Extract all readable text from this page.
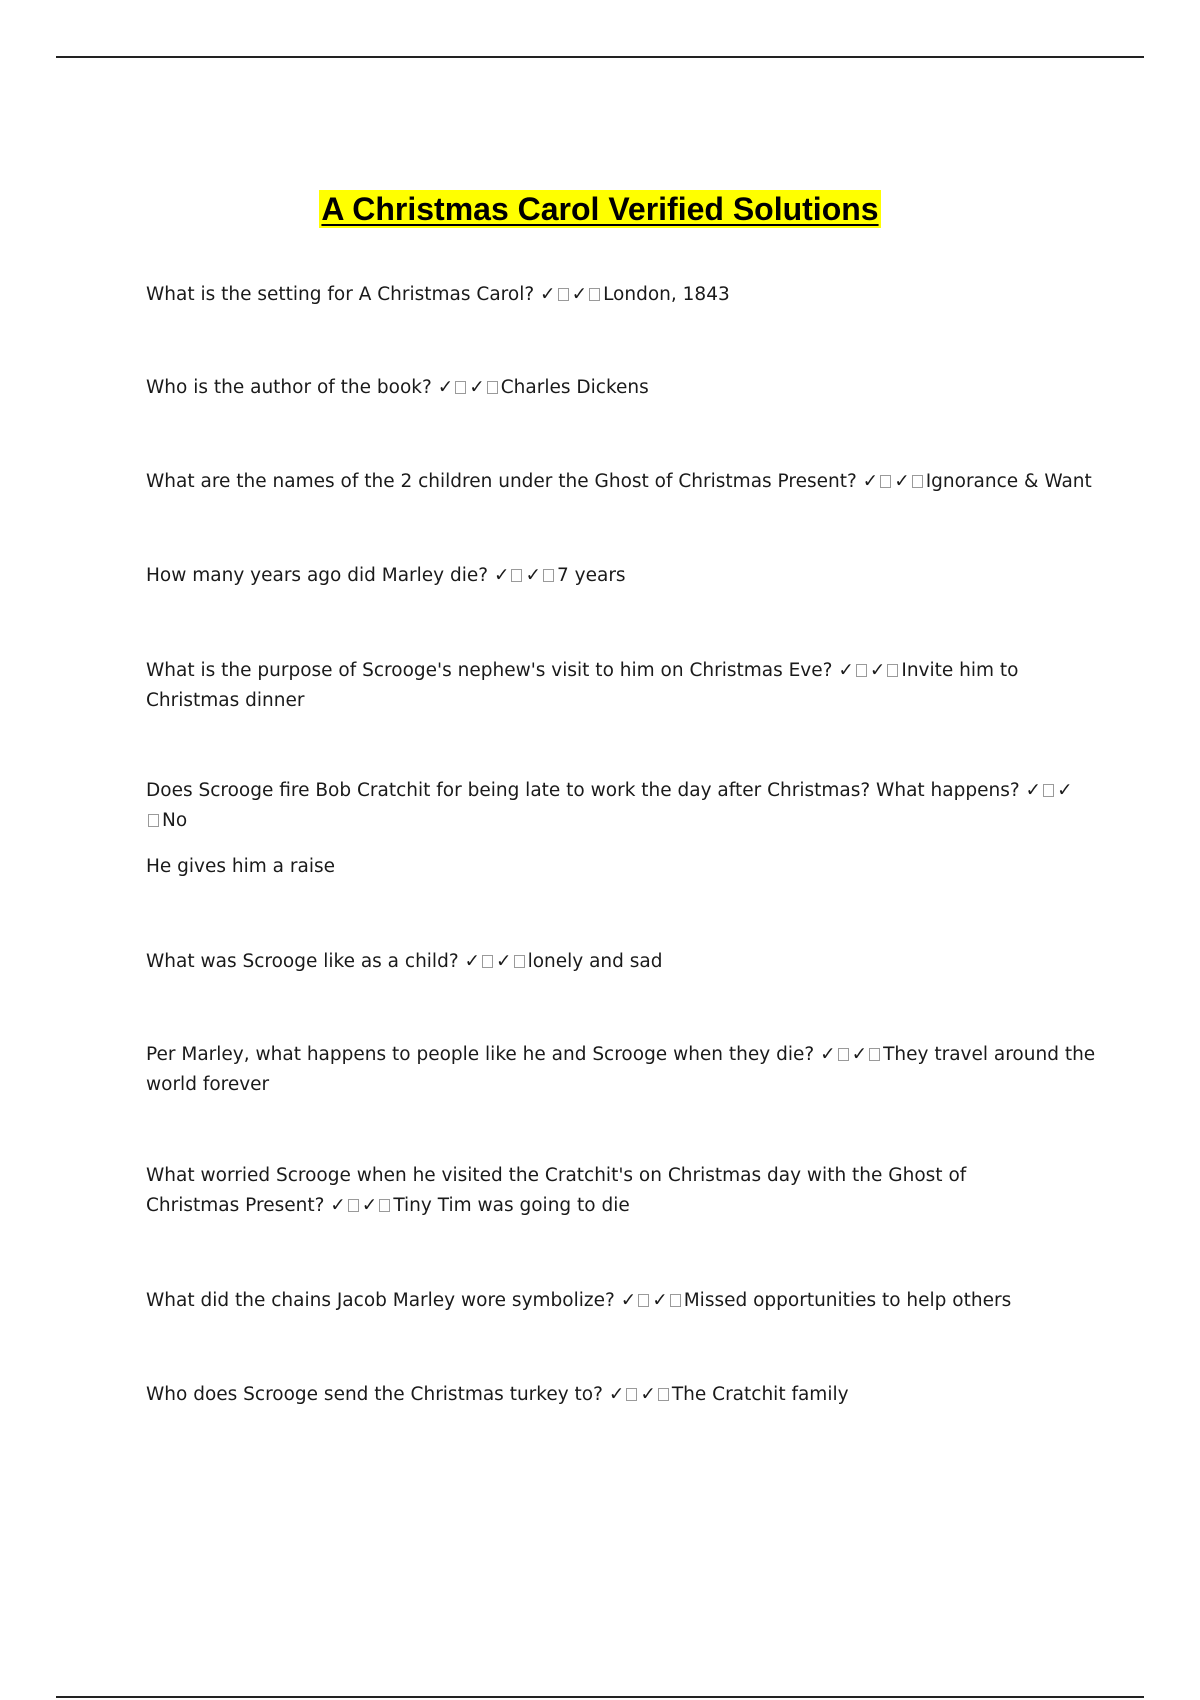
A Christmas Carol Verified Solutions
What is the setting for A Christmas Carol? ✓ ✓ London, 1843
Who is the author of the book? ✓ ✓ Charles Dickens
What are the names of the 2 children under the Ghost of Christmas Present? ✓ ✓ Ignorance & Want
How many years ago did Marley die? ✓ ✓ 7 years
What is the purpose of Scrooge's nephew's visit to him on Christmas Eve? ✓ ✓ Invite him to Christmas dinner
Does Scrooge fire Bob Cratchit for being late to work the day after Christmas? What happens? ✓ ✓No
He gives him a raise
What was Scrooge like as a child? ✓ ✓ lonely and sad
Per Marley, what happens to people like he and Scrooge when they die? ✓ ✓ They travel around the world forever
What worried Scrooge when he visited the Cratchit's on Christmas day with the Ghost of Christmas Present? ✓ ✓ Tiny Tim was going to die
What did the chains Jacob Marley wore symbolize? ✓ ✓ Missed opportunities to help others
Who does Scrooge send the Christmas turkey to? ✓ ✓ The Cratchit family
